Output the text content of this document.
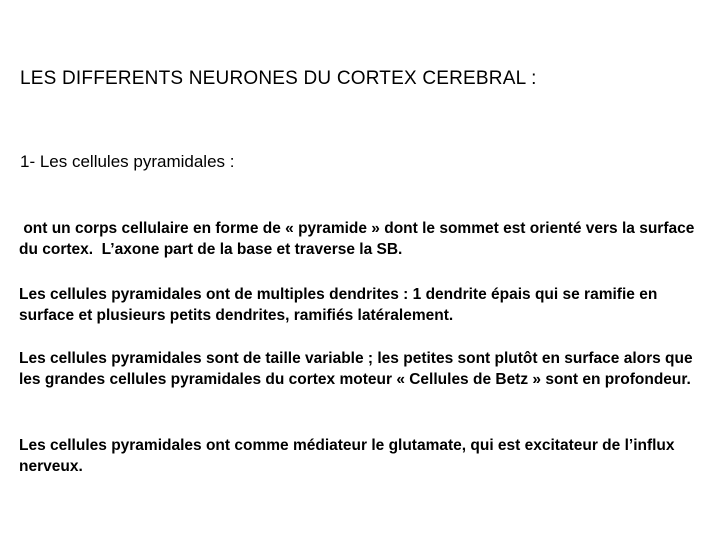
LES DIFFERENTS NEURONES DU CORTEX CEREBRAL :
1- Les cellules pyramidales :

ont un corps cellulaire en forme de « pyramide » dont le sommet est orienté vers la surface du cortex.  L’axone part de la base et traverse la SB.

Les cellules pyramidales ont de multiples dendrites : 1 dendrite épais qui se ramifie en surface et plusieurs petits dendrites, ramifiés latéralement.

Les cellules pyramidales sont de taille variable ; les petites sont plutôt en surface alors que les grandes cellules pyramidales du cortex moteur « Cellules de Betz » sont en profondeur.

Les cellules pyramidales ont comme médiateur le glutamate, qui est excitateur de l’influx nerveux.
